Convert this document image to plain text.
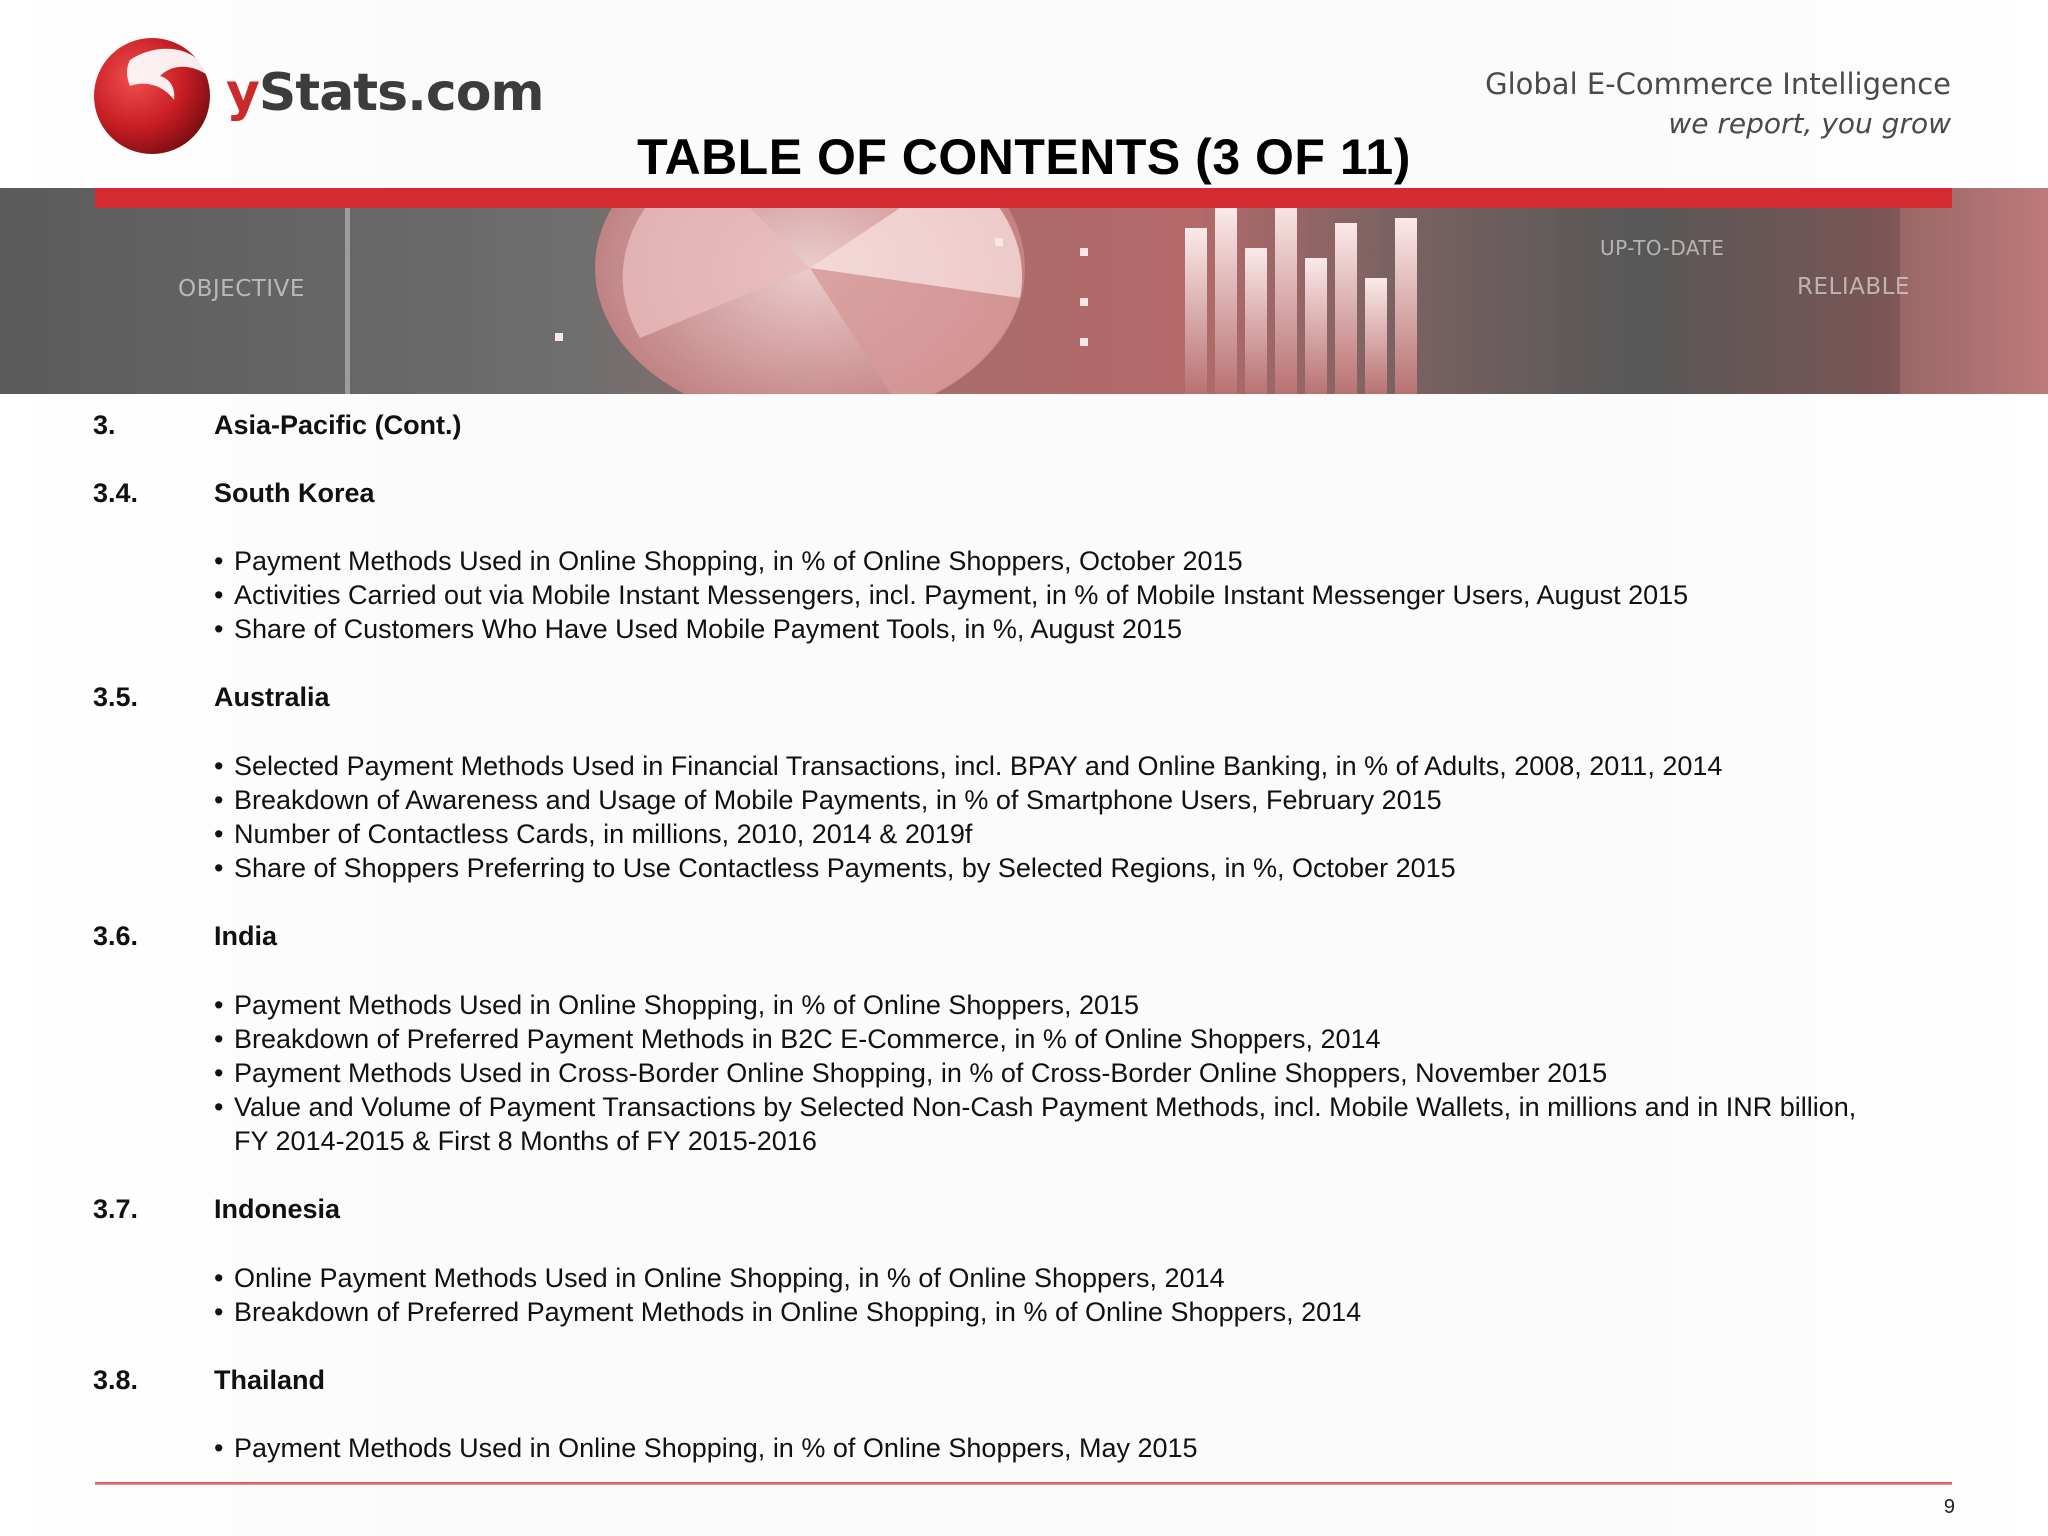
OBJECTIVE
UP-TO-DATE
RELIABLE
yStats.com	Global E-Commerce Intelligence
we report, you grow
TABLE OF CONTENTS (3 OF 11)
3.	Asia-Pacific (Cont.)
3.4.	South Korea
• Payment Methods Used in Online Shopping, in % of Online Shoppers, October 2015
• Activities Carried out via Mobile Instant Messengers, incl. Payment, in % of Mobile Instant Messenger Users, August 2015
• Share of Customers Who Have Used Mobile Payment Tools, in %, August 2015
3.5.	Australia
• Selected Payment Methods Used in Financial Transactions, incl. BPAY and Online Banking, in % of Adults, 2008, 2011, 2014
• Breakdown of Awareness and Usage of Mobile Payments, in % of Smartphone Users, February 2015
• Number of Contactless Cards, in millions, 2010, 2014 & 2019f
• Share of Shoppers Preferring to Use Contactless Payments, by Selected Regions, in %, October 2015
3.6.	India
• Payment Methods Used in Online Shopping, in % of Online Shoppers, 2015
• Breakdown of Preferred Payment Methods in B2C E-Commerce, in % of Online Shoppers, 2014
• Payment Methods Used in Cross-Border Online Shopping, in % of Cross-Border Online Shoppers, November 2015
• Value and Volume of Payment Transactions by Selected Non-Cash Payment Methods, incl. Mobile Wallets, in millions and in INR billion,
FY 2014-2015 & First 8 Months of FY 2015-2016
3.7.	Indonesia
• Online Payment Methods Used in Online Shopping, in % of Online Shoppers, 2014
• Breakdown of Preferred Payment Methods in Online Shopping, in % of Online Shoppers, 2014
3.8.	Thailand
• Payment Methods Used in Online Shopping, in % of Online Shoppers, May 2015
9
